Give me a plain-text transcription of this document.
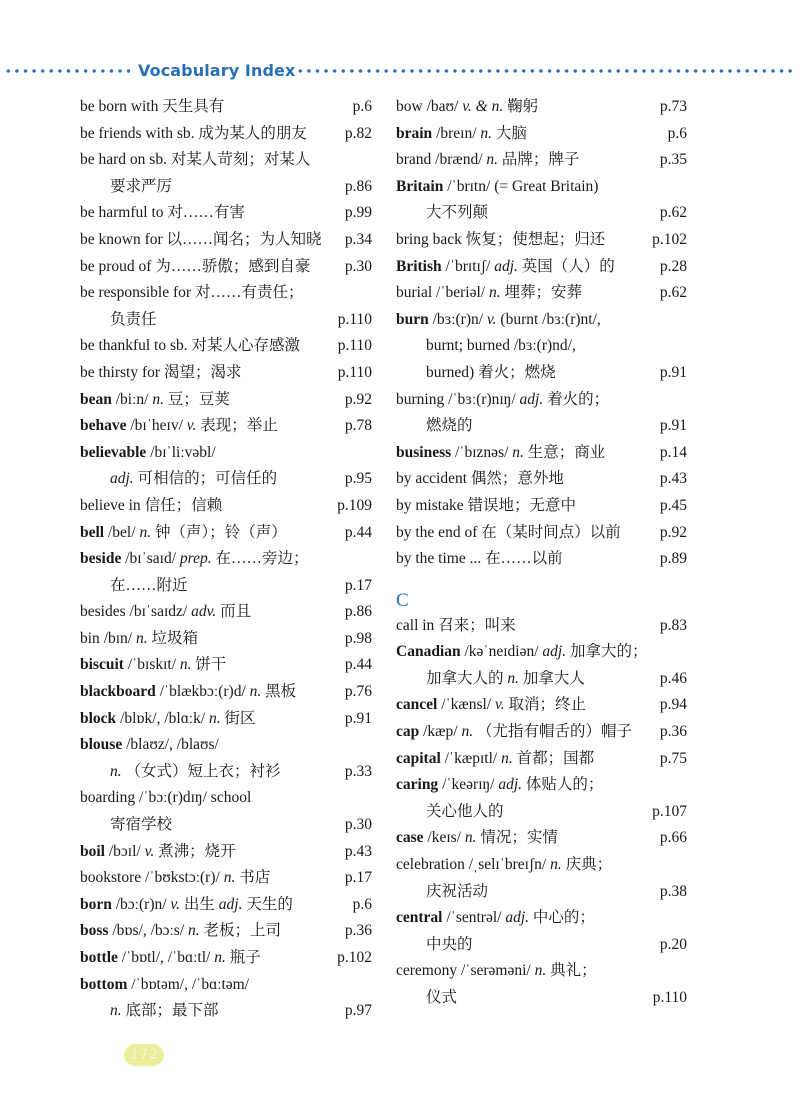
Vocabulary Index
be born with 天生具有	p.6
be friends with sb. 成为某人的朋友 p.82
be hard on sb. 对某人苛刻；对某人
要求严厉	p.86
be harmful to 对……有害	p.99
be known for 以……闻名；为人知晓 p.34
be proud of 为……骄傲；感到自豪 p.30
be responsible for 对……有责任；
负责任	p.110
be thankful to sb. 对某人心存感激 p.110
be thirsty for 渴望；渴求	p.110
bean /biːn/ n. 豆；豆荚	p.92
behave /bɪˈheɪv/ v. 表现；举止	p.78
believable /bɪˈliːvəbl/
adj. 可相信的；可信任的	p.95
believe in 信任；信赖	p.109
bell /bel/ n. 钟（声）；铃（声）	p.44
beside /bɪˈsaɪd/ prep. 在……旁边；
在……附近	p.17
besides /bɪˈsaɪdz/ adv. 而且	p.86
bin /bɪn/ n. 垃圾箱	p.98
biscuit /ˈbɪskɪt/ n. 饼干	p.44
blackboard /ˈblækbɔː(r)d/ n. 黑板	p.76
block /blɒk/, /blɑːk/ n. 街区	p.91
blouse /blaʊz/, /blaʊs/
n. （女式）短上衣；衬衫	p.33
boarding /ˈbɔː(r)dɪŋ/ school
寄宿学校	p.30
boil /bɔɪl/ v. 煮沸；烧开	p.43
bookstore /ˈbʊkstɔː(r)/ n. 书店	p.17
born /bɔː(r)n/ v. 出生 adj. 天生的	p.6
boss /bɒs/, /bɔːs/ n. 老板；上司	p.36
bottle /ˈbɒtl/, /ˈbɑːtl/ n. 瓶子	p.102
bottom /ˈbɒtəm/, /ˈbɑːtəm/
n. 底部；最下部	p.97
bow /baʊ/ v. & n. 鞠躬	p.73
brain /breɪn/ n. 大脑	p.6
brand /brænd/ n. 品牌；牌子	p.35
Britain /ˈbrɪtn/ (= Great Britain)
大不列颠	p.62
bring back 恢复；使想起；归还	p.102
British /ˈbrɪtɪʃ/ adj. 英国（人）的	p.28
burial /ˈberiəl/ n. 埋葬；安葬	p.62
burn /bɜː(r)n/ v. (burnt /bɜː(r)nt/,
burnt; burned /bɜː(r)nd/,
burned) 着火；燃烧	p.91
burning /ˈbɜː(r)nɪŋ/ adj. 着火的；
燃烧的	p.91
business /ˈbɪznəs/ n. 生意；商业	p.14
by accident 偶然；意外地	p.43
by mistake 错误地；无意中	p.45
by the end of 在（某时间点）以前	p.92
by the time ... 在……以前	p.89
C
call in 召来；叫来	p.83
Canadian /kəˈneɪdiən/ adj. 加拿大的；
加拿大人的 n. 加拿大人	p.46
cancel /ˈkænsl/ v. 取消；终止	p.94
cap /kæp/ n. （尤指有帽舌的）帽子 p.36
capital /ˈkæpɪtl/ n. 首都；国都	p.75
caring /ˈkeərɪŋ/ adj. 体贴人的；
关心他人的	p.107
case /keɪs/ n. 情况；实情	p.66
celebration /ˌselɪˈbreɪʃn/ n. 庆典；
庆祝活动	p.38
central /ˈsentrəl/ adj. 中心的；
中央的	p.20
ceremony /ˈserəməni/ n. 典礼；
仪式	p.110
172
